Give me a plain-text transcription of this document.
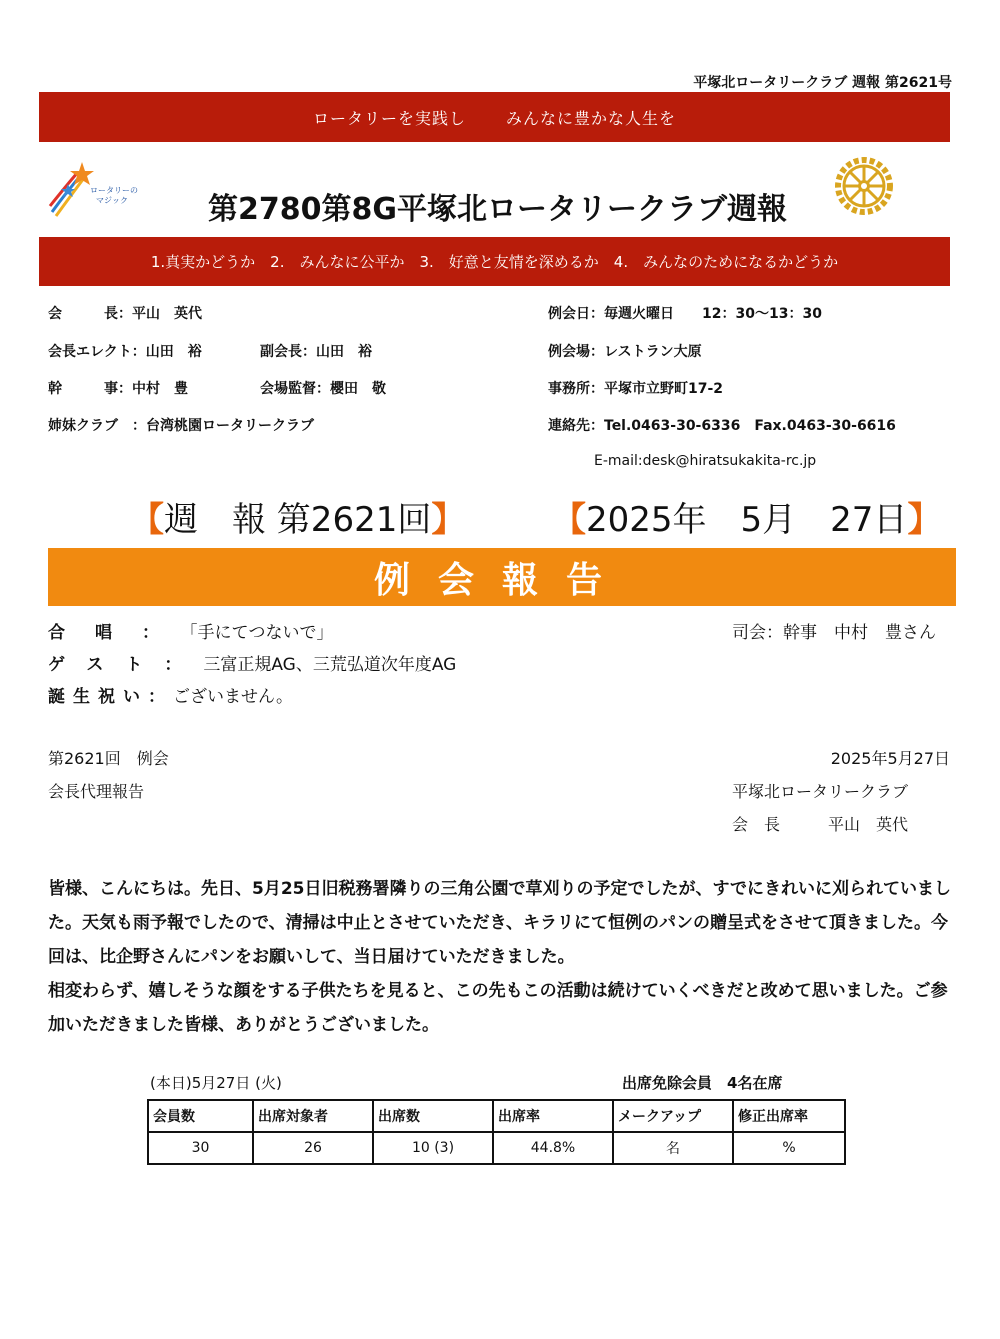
平塚北ロータリークラブ 週報 第2621号
ロータリーを実践し	みんなに豊かな人生を
ロータリーの
マジック	第2780第8G平塚北ロータリークラブ週報
1.真実かどうか　2.　みんなに公平か　3.　好意と友情を深めるか　4.　みんなのためになるかどうか
会　　　長：平山　英代
会長エレクト：山田　裕	副会長：山田　裕
幹　　　事：中村　豊	会場監督：櫻田　敬
姉妹クラブ　：台湾桃園ロータリークラブ
例会日：毎週火曜日　　12：30～13：30
例会場：レストラン大原
事務所：平塚市立野町17-2
連絡先：Tel.0463-30-6336　Fax.0463-30-6616
E-mail:desk@hiratsukakita-rc.jp
【週　報 第2621回】	【2025年　5月　27日】
例会報告
合唱：「手にてつないで」	司会：幹事　中村　豊さん
ゲスト：三富正規AG、三荒弘道次年度AG
誕生祝い：ございません。
第2621回　例会	2025年5月27日
会長代理報告	平塚北ロータリークラブ
会　長　　　平山　英代

皆様、こんにちは。先日、5月25日旧税務署隣りの三角公園で草刈りの予定でしたが、すでにきれいに刈られていました。天気も雨予報でしたので、清掃は中止とさせていただき、キラリにて恒例のパンの贈呈式をさせて頂きました。今回は、比企野さんにパンをお願いして、当日届けていただきました。

相変わらず、嬉しそうな顔をする子供たちを見ると、この先もこの活動は続けていくべきだと改めて思いました。ご参加いただきました皆様、ありがとうございました。

(本日)5月27日 (火)	出席免除会員　4名在席
会員数	出席対象者	出席数	出席率	メークアップ	修正出席率
30	26	10 (3)	44.8%	名	%
